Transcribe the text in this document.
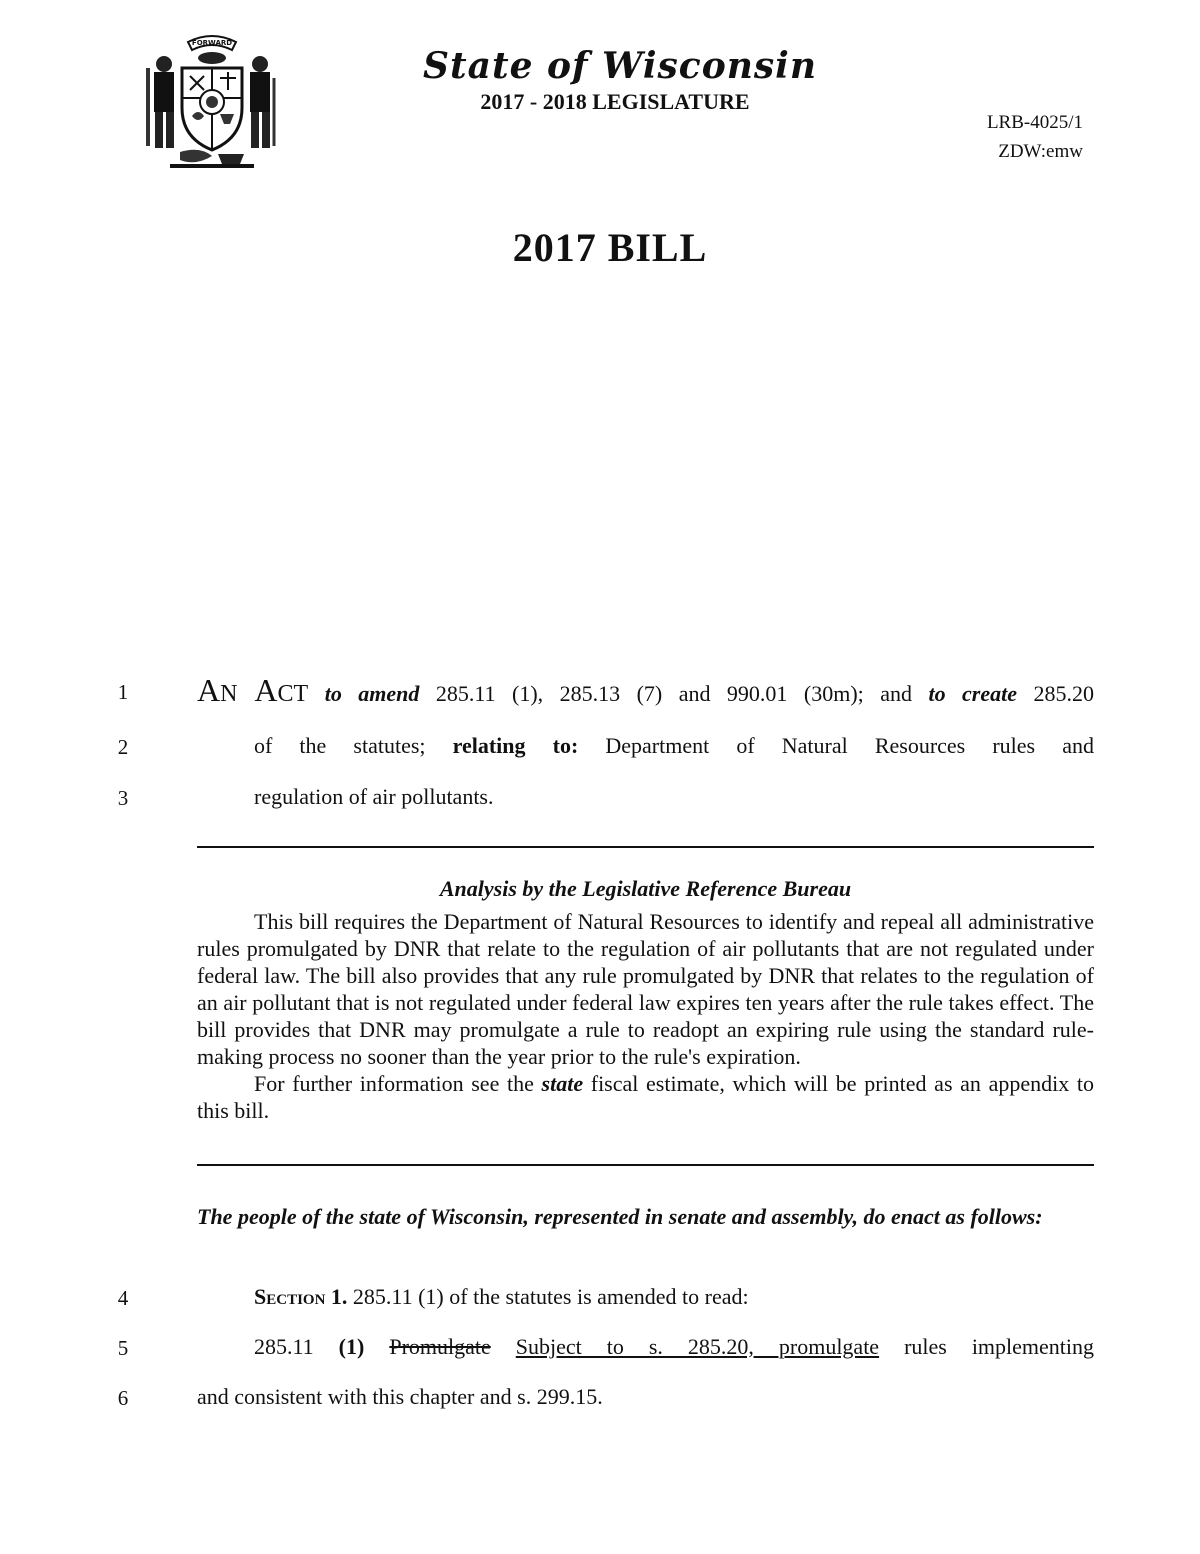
FORWARD
State of Wisconsin
2017 - 2018 LEGISLATURE
LRB-4025/1
ZDW:emw
2017 BILL
1
2
3
4
5
6
AN ACT to amend 285.11 (1), 285.13 (7) and 990.01 (30m); and to create 285.20
of the statutes; relating to: Department of Natural Resources rules and
regulation of air pollutants.
Analysis by the Legislative Reference Bureau

This bill requires the Department of Natural Resources to identify and repeal all administrative rules promulgated by DNR that relate to the regulation of air pollutants that are not regulated under federal law. The bill also provides that any rule promulgated by DNR that relates to the regulation of an air pollutant that is not regulated under federal law expires ten years after the rule takes effect. The bill provides that DNR may promulgate a rule to readopt an expiring rule using the standard rule-making process no sooner than the year prior to the rule's expiration.

For further information see the state fiscal estimate, which will be printed as an appendix to this bill.

The people of the state of Wisconsin, represented in senate and assembly, do enact as follows:
Section 1. 285.11 (1) of the statutes is amended to read:
285.11 (1) Promulgate Subject to s. 285.20, promulgate rules implementing
and consistent with this chapter and s. 299.15.
